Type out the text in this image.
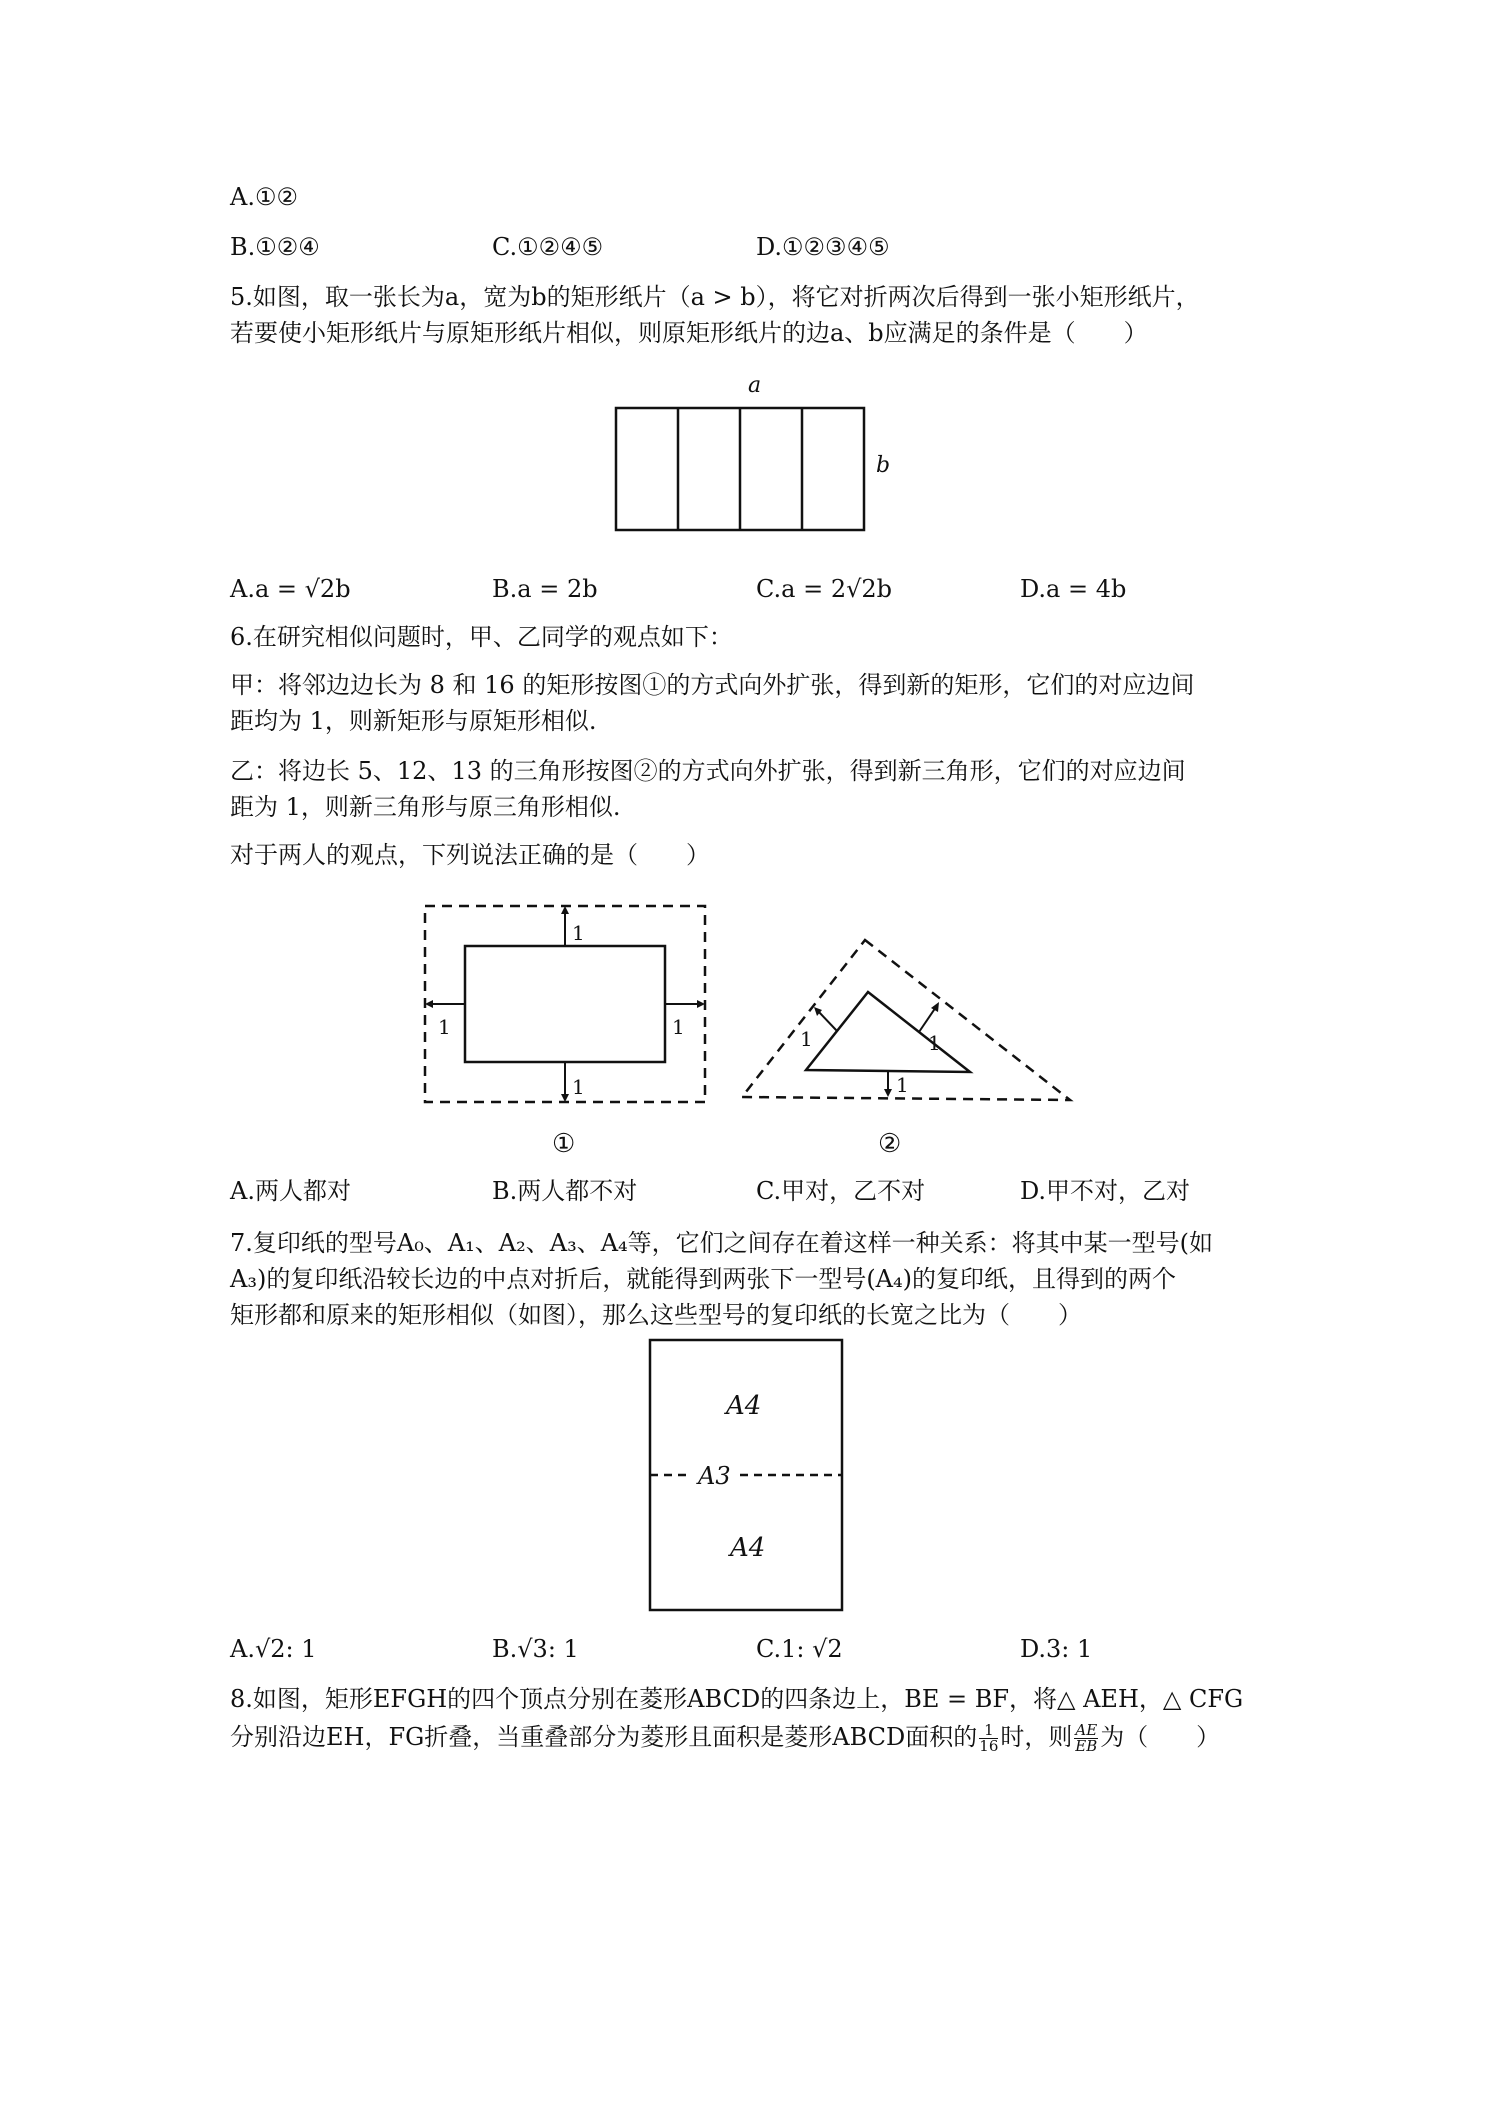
A.①②
B.①②④	C.①②④⑤	D.①②③④⑤
5.如图，取一张长为a，宽为b的矩形纸片（a > b），将它对折两次后得到一张小矩形纸片，
若要使小矩形纸片与原矩形纸片相似，则原矩形纸片的边a、b应满足的条件是（　　）
a
b
A.a = √2b	B.a = 2b	C.a = 2√2b	D.a = 4b
6.在研究相似问题时，甲、乙同学的观点如下：
甲：将邻边边长为 8 和 16 的矩形按图①的方式向外扩张，得到新的矩形，它们的对应边间
距均为 1，则新矩形与原矩形相似.
乙：将边长 5、12、13 的三角形按图②的方式向外扩张，得到新三角形，它们的对应边间
距为 1，则新三角形与原三角形相似.
对于两人的观点，下列说法正确的是（　　）
1
1
1	1
①
1	1
1
②
A.两人都对	B.两人都不对	C.甲对，乙不对	D.甲不对，乙对
7.复印纸的型号A₀、A₁、A₂、A₃、A₄等，它们之间存在着这样一种关系：将其中某一型号(如
A₃)的复印纸沿较长边的中点对折后，就能得到两张下一型号(A₄)的复印纸，且得到的两个
矩形都和原来的矩形相似（如图），那么这些型号的复印纸的长宽之比为（　　）
A4
A3
A4
A.√2: 1	B.√3: 1	C.1: √2	D.3: 1
8.如图，矩形EFGH的四个顶点分别在菱形ABCD的四条边上，BE = BF，将△ AEH，△ CFG
分别沿边EH，FG折叠，当重叠部分为菱形且面积是菱形ABCD面积的 $\frac{1}{16}$ 时，则 $\frac{AE}{EB}$ 为（　　）
